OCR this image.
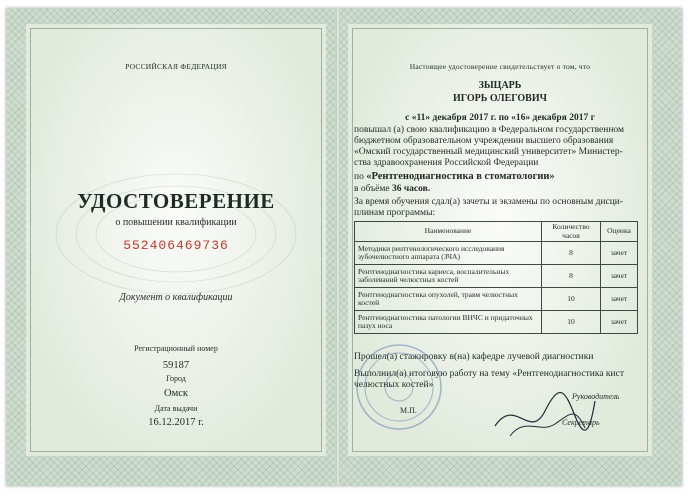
РОССИЙСКАЯ ФЕДЕРАЦИЯ
УДОСТОВЕРЕНИЕ
о повышении квалификации
552406469736
Документ о квалификации
Регистрационный номер
59187
Город
Омск
Дата выдачи
16.12.2017 г.
Настоящее удостоверение свидетельствует о том, что
ЗЫЦАРЬ
ИГОРЬ ОЛЕГОВИЧ
с «11» декабря 2017 г. по «16» декабря 2017 г
повышал (а) свою квалификацию в Федеральном государственном
бюджетном образовательном учреждении высшего образования
«Омский государственный медицинский университет» Министер-
ства здравоохранения Российской Федерации
по «Рентгенодиагностика в стоматологии»
в объёме 36 часов.
За время обучения сдал(а) зачеты и экзамены по основным дисци-
плинам программы:
Наименование	Количество часов	Оценка
Методики рентгенологического исследования зубочелюстного аппарата (ЗЧА)	8	зачет
Рентгенодиагностика кариеса, воспалительных заболеваний челюстных костей	8	зачет
Рентгенодиагностика опухолей, травм челюстных костей	10	зачет
Рентгенодиагностика патологии ВНЧС и придаточных пазух носа	10	зачет
Прошел(а) стажировку в(на) кафедре лучевой диагностики
Выполнил(а) итоговую работу на тему «Рентгенодиагностика кист
челюстных костей»
Руководитель
М.П.
Секретарь
